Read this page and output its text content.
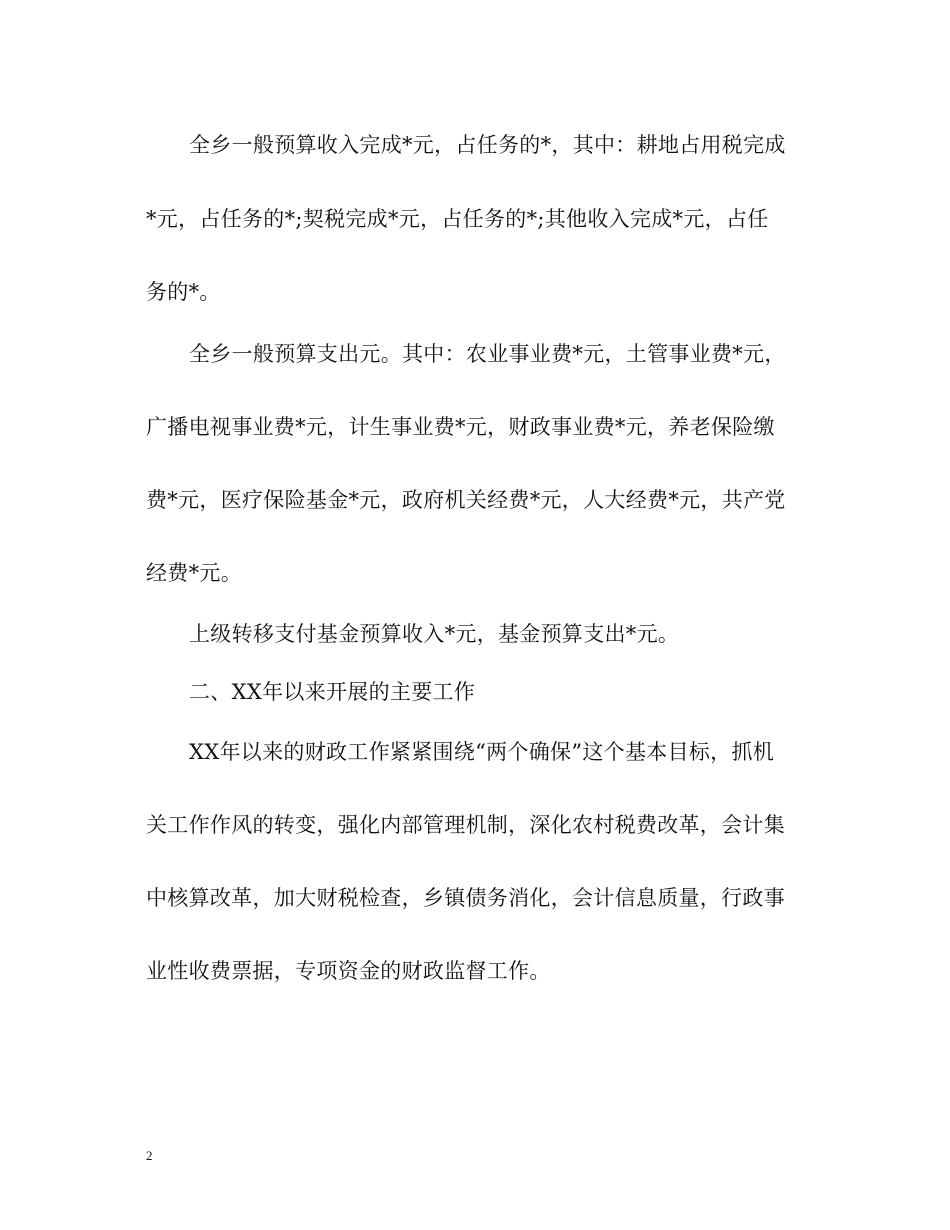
全乡一般预算收入完成*元，占任务的*，其中：耕地占用税完成
*元，占任务的*;契税完成*元，占任务的*;其他收入完成*元，占任
务的*。
全乡一般预算支出元。其中：农业事业费*元，土管事业费*元，
广播电视事业费*元，计生事业费*元，财政事业费*元，养老保险缴
费*元，医疗保险基金*元，政府机关经费*元，人大经费*元，共产党
经费*元。
上级转移支付基金预算收入*元，基金预算支出*元。
二、XX年以来开展的主要工作
XX年以来的财政工作紧紧围绕“两个确保”这个基本目标，抓机
关工作作风的转变，强化内部管理机制，深化农村税费改革，会计集
中核算改革，加大财税检查，乡镇债务消化，会计信息质量，行政事
业性收费票据，专项资金的财政监督工作。
2
